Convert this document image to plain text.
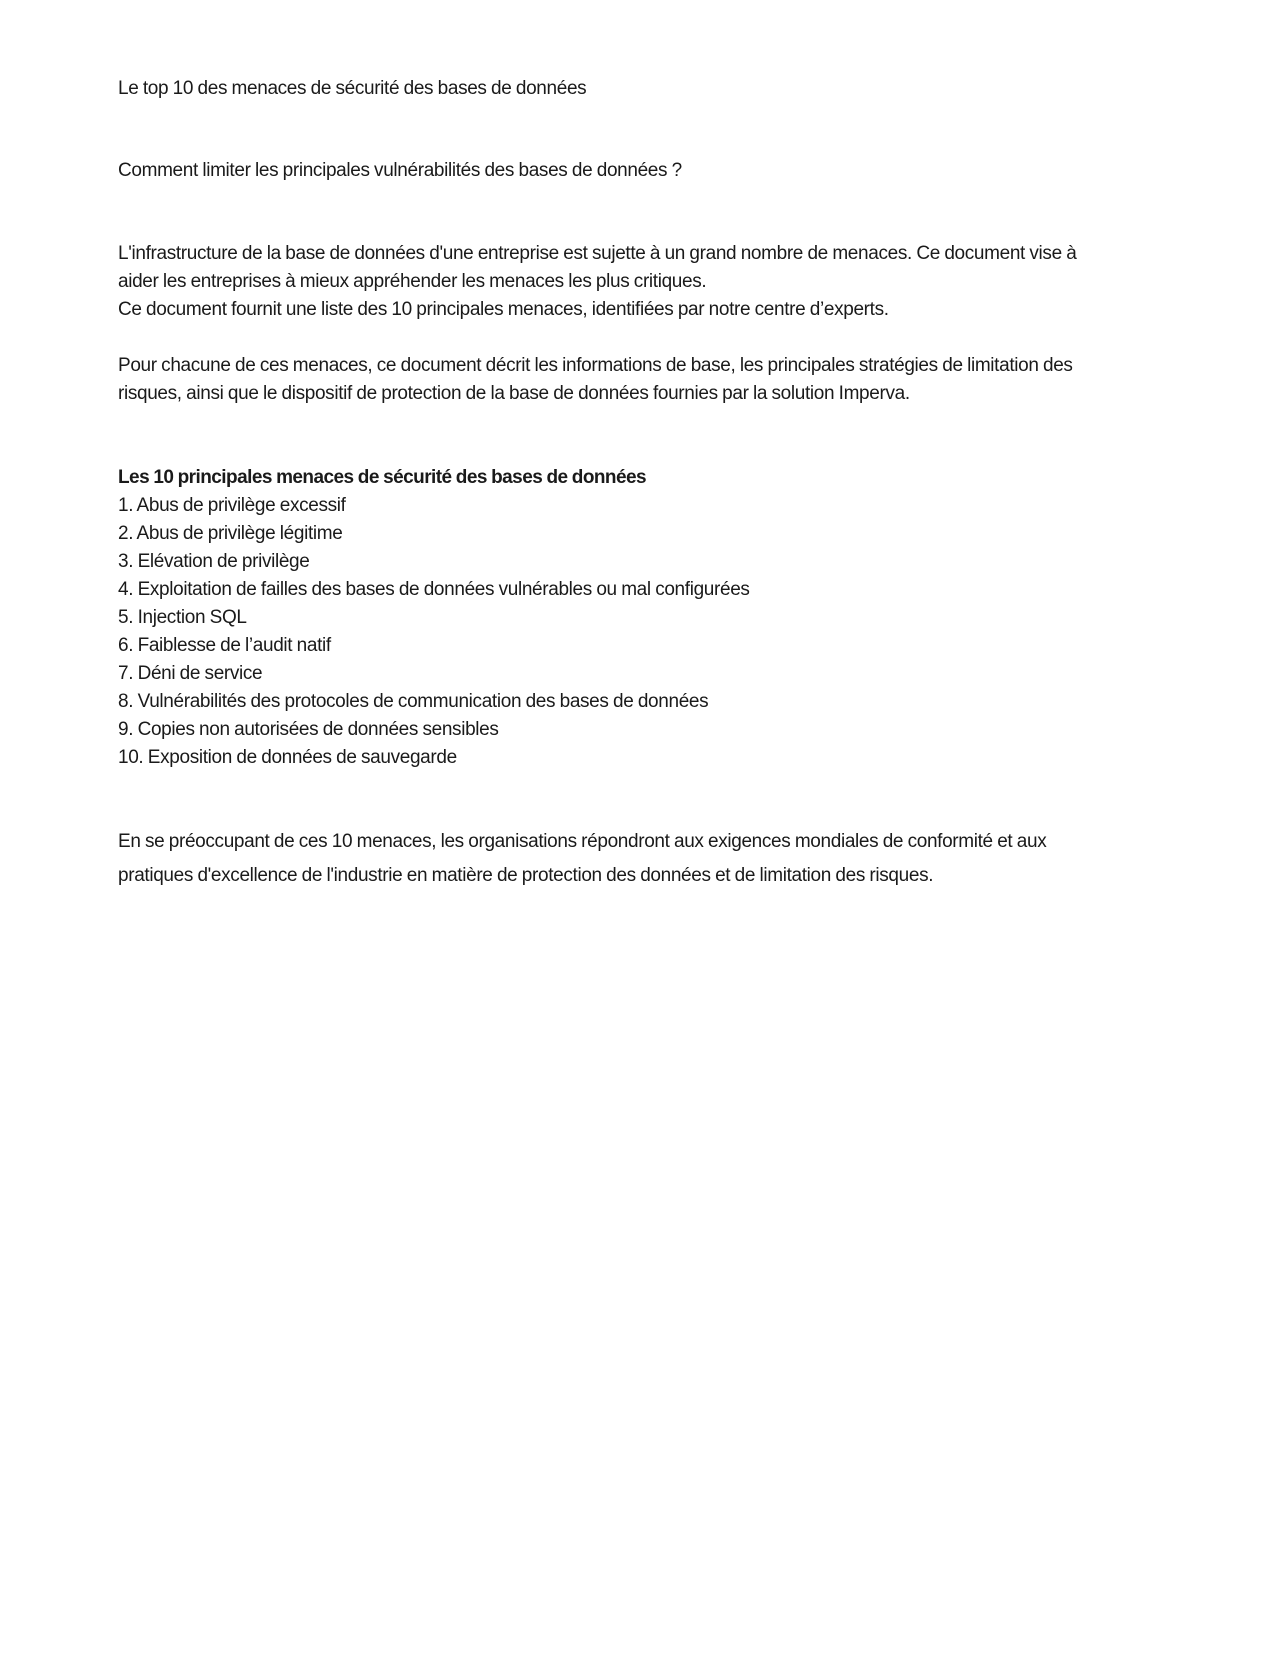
Le top 10 des menaces de sécurité des bases de données
Comment limiter les principales vulnérabilités des bases de données ?
L'infrastructure de la base de données d'une entreprise est sujette à un grand nombre de menaces. Ce document vise à
aider les entreprises à mieux appréhender les menaces les plus critiques.
Ce document fournit une liste des 10 principales menaces, identifiées par notre centre d’experts.
Pour chacune de ces menaces, ce document décrit les informations de base, les principales stratégies de limitation des
risques, ainsi que le dispositif de protection de la base de données fournies par la solution Imperva.
Les 10 principales menaces de sécurité des bases de données
1. Abus de privilège excessif
2. Abus de privilège légitime
3. Elévation de privilège
4. Exploitation de failles des bases de données vulnérables ou mal configurées
5. Injection SQL
6. Faiblesse de l’audit natif
7. Déni de service
8. Vulnérabilités des protocoles de communication des bases de données
9. Copies non autorisées de données sensibles
10. Exposition de données de sauvegarde
En se préoccupant de ces 10 menaces, les organisations répondront aux exigences mondiales de conformité et aux
pratiques d'excellence de l'industrie en matière de protection des données et de limitation des risques.
